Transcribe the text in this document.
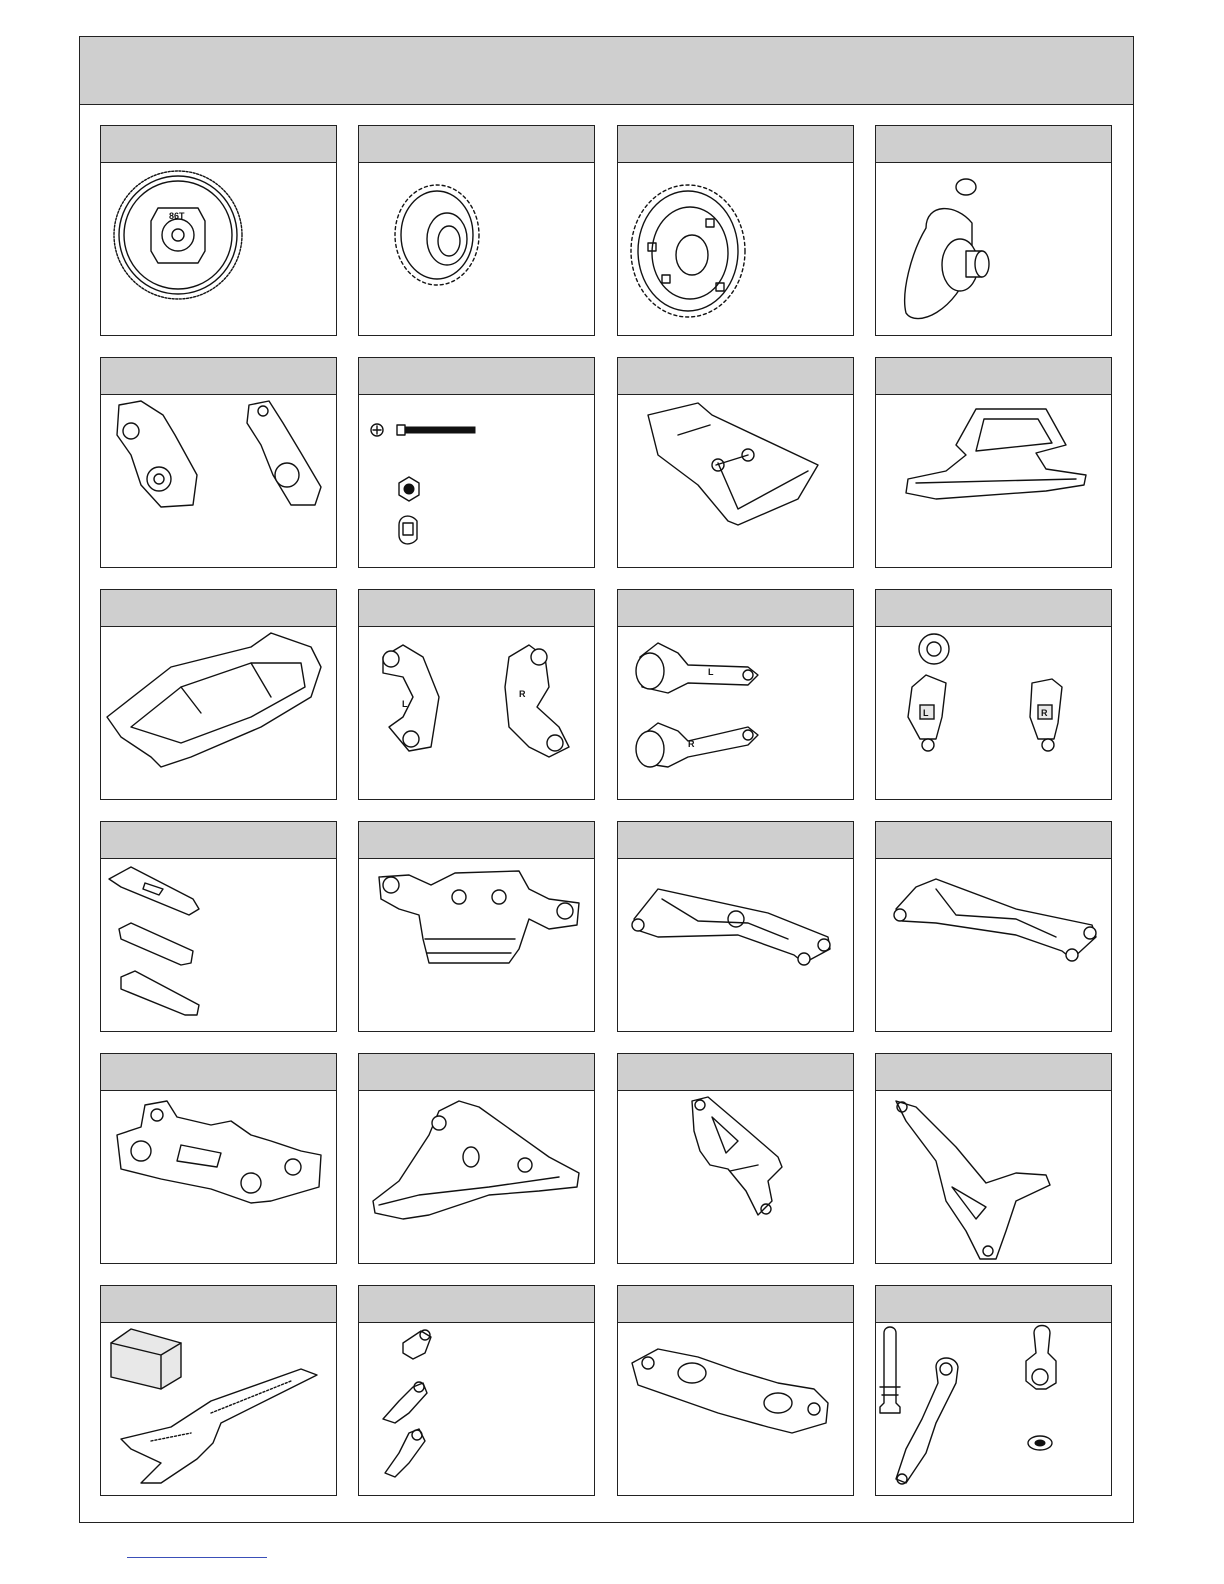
86T
L
R
L
R
L	R
